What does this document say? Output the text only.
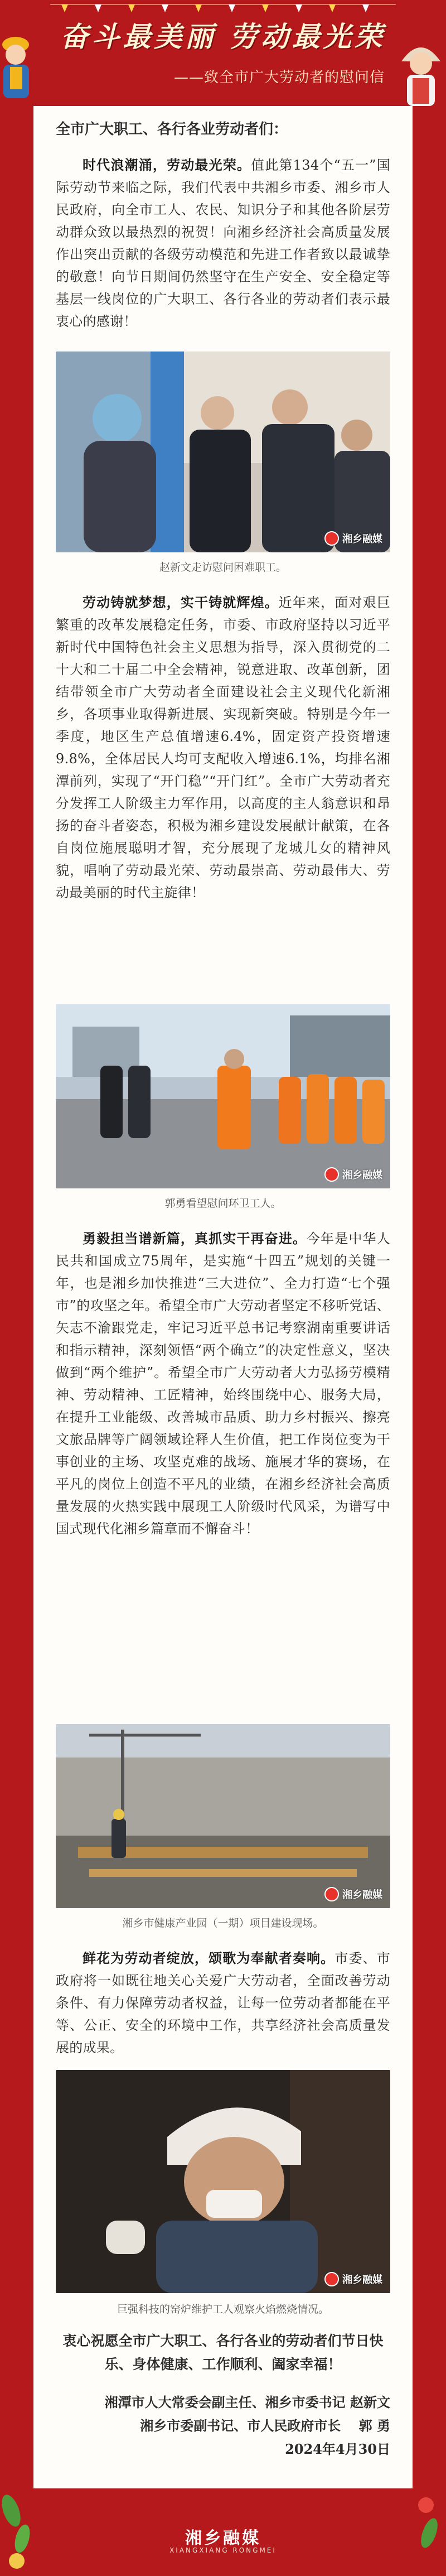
奋斗最美丽 劳动最光荣
——致全市广大劳动者的慰问信
全市广大职工、各行各业劳动者们：

时代浪潮涌，劳动最光荣。值此第134个“五一”国际劳动节来临之际，我们代表中共湘乡市委、湘乡市人民政府，向全市工人、农民、知识分子和其他各阶层劳动群众致以最热烈的祝贺！向湘乡经济社会高质量发展作出突出贡献的各级劳动模范和先进工作者致以最诚挚的敬意！向节日期间仍然坚守在生产安全、安全稳定等基层一线岗位的广大职工、各行各业的劳动者们表示最衷心的感谢！

湘乡融媒
赵新文走访慰问困难职工。

劳动铸就梦想，实干铸就辉煌。近年来，面对艰巨繁重的改革发展稳定任务，市委、市政府坚持以习近平新时代中国特色社会主义思想为指导，深入贯彻党的二十大和二十届二中全会精神，锐意进取、改革创新，团结带领全市广大劳动者全面建设社会主义现代化新湘乡，各项事业取得新进展、实现新突破。特别是今年一季度，地区生产总值增速6.4%，固定资产投资增速9.8%，全体居民人均可支配收入增速6.1%，均排名湘潭前列，实现了“开门稳”“开门红”。全市广大劳动者充分发挥工人阶级主力军作用，以高度的主人翁意识和昂扬的奋斗者姿态，积极为湘乡建设发展献计献策，在各自岗位施展聪明才智，充分展现了龙城儿女的精神风貌，唱响了劳动最光荣、劳动最崇高、劳动最伟大、劳动最美丽的时代主旋律！

湘乡融媒
郭勇看望慰问环卫工人。

勇毅担当谱新篇，真抓实干再奋进。今年是中华人民共和国成立75周年，是实施“十四五”规划的关键一年，也是湘乡加快推进“三大进位”、全力打造“七个强市”的攻坚之年。希望全市广大劳动者坚定不移听党话、矢志不渝跟党走，牢记习近平总书记考察湖南重要讲话和指示精神，深刻领悟“两个确立”的决定性意义，坚决做到“两个维护”。希望全市广大劳动者大力弘扬劳模精神、劳动精神、工匠精神，始终围绕中心、服务大局，在提升工业能级、改善城市品质、助力乡村振兴、擦亮文旅品牌等广阔领域诠释人生价值，把工作岗位变为干事创业的主场、攻坚克难的战场、施展才华的赛场，在平凡的岗位上创造不平凡的业绩，在湘乡经济社会高质量发展的火热实践中展现工人阶级时代风采，为谱写中国式现代化湘乡篇章而不懈奋斗！

湘乡融媒
湘乡市健康产业园（一期）项目建设现场。

鲜花为劳动者绽放，颂歌为奉献者奏响。市委、市政府将一如既往地关心关爱广大劳动者，全面改善劳动条件、有力保障劳动者权益，让每一位劳动者都能在平等、公正、安全的环境中工作，共享经济社会高质量发展的成果。

湘乡融媒
巨强科技的窑炉维护工人观察火焰燃烧情况。
衷心祝愿全市广大职工、各行各业的劳动者们节日快乐、身体健康、工作顺利、阖家幸福！
湘潭市人大常委会副主任、湘乡市委书记 赵新文
湘乡市委副书记、市人民政府市长　 郭 勇
2024年4月30日
湘乡融媒
XIANGXIANG RONGMEI
